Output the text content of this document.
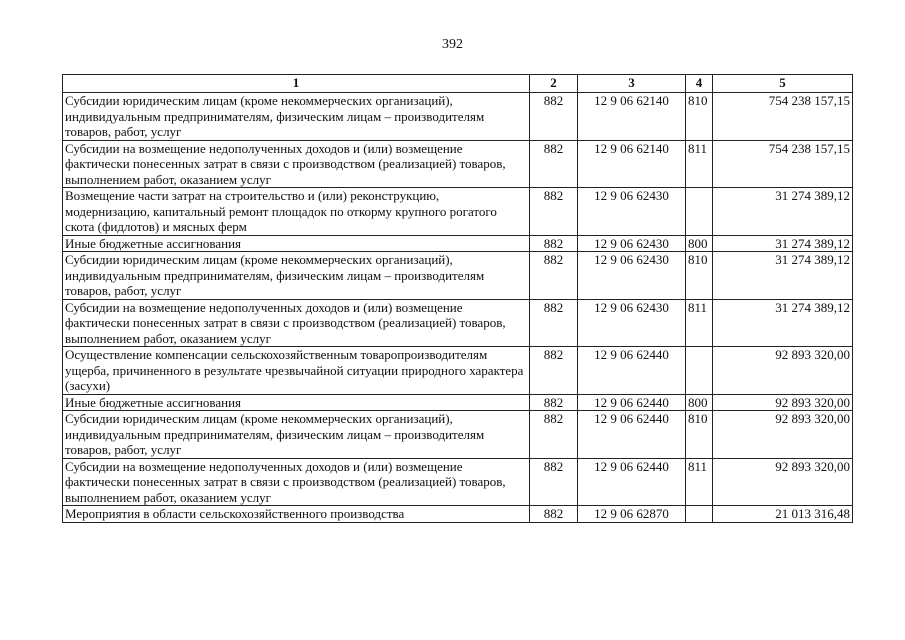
392
1	2	3	4	5
Субсидии юридическим лицам (кроме некоммерческих организаций), индивидуальным предпринимателям, физическим лицам – производителям товаров, работ, услуг	882	12 9 06 62140	810	754 238 157,15
Субсидии на возмещение недополученных доходов и (или) возмещение фактически понесенных затрат в связи с производством (реализацией) товаров, выполнением работ, оказанием услуг	882	12 9 06 62140	811	754 238 157,15
Возмещение части затрат на строительство и (или) реконструкцию, модернизацию, капитальный ремонт площадок по откорму крупного рогатого скота (фидлотов) и мясных ферм	882	12 9 06 62430		31 274 389,12
Иные бюджетные ассигнования	882	12 9 06 62430	800	31 274 389,12
Субсидии юридическим лицам (кроме некоммерческих организаций), индивидуальным предпринимателям, физическим лицам – производителям товаров, работ, услуг	882	12 9 06 62430	810	31 274 389,12
Субсидии на возмещение недополученных доходов и (или) возмещение фактически понесенных затрат в связи с производством (реализацией) товаров, выполнением работ, оказанием услуг	882	12 9 06 62430	811	31 274 389,12
Осуществление компенсации сельскохозяйственным товаропроизводителям ущерба, причиненного в результате чрезвычайной ситуации природного характера (засухи)	882	12 9 06 62440		92 893 320,00
Иные бюджетные ассигнования	882	12 9 06 62440	800	92 893 320,00
Субсидии юридическим лицам (кроме некоммерческих организаций), индивидуальным предпринимателям, физическим лицам – производителям товаров, работ, услуг	882	12 9 06 62440	810	92 893 320,00
Субсидии на возмещение недополученных доходов и (или) возмещение фактически понесенных затрат в связи с производством (реализацией) товаров, выполнением работ, оказанием услуг	882	12 9 06 62440	811	92 893 320,00
Мероприятия в области сельскохозяйственного производства	882	12 9 06 62870		21 013 316,48
